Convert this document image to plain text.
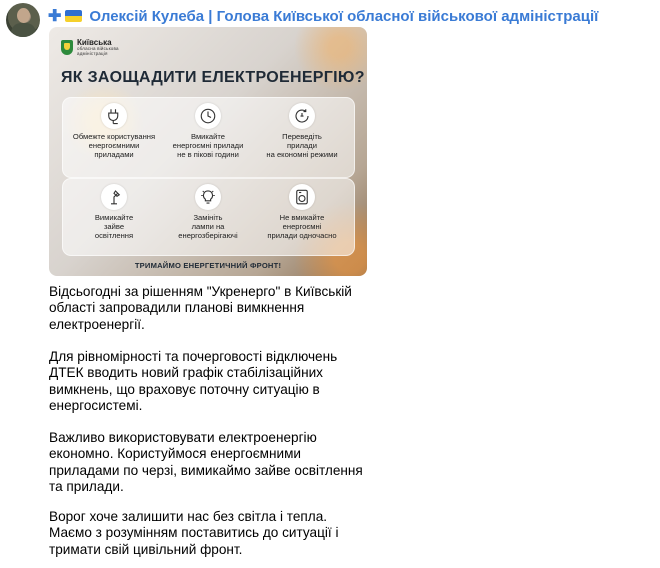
✚ Олексій Кулеба | Голова Київської обласної військової адміністрації
Київська
обласна військова
адміністрація
ЯК ЗАОЩАДИТИ ЕЛЕКТРОЕНЕРГІЮ?
Обмежте користування
енергоємними
приладами
Вмикайте
енергоємні прилади
не в пікові години
Переведіть
прилади
на економні режими
Вимикайте
зайве
освітлення
Замініть
лампи на
енергозберігаючі
Не вмикайте
енергоємні
прилади одночасно
ТРИМАЙМО ЕНЕРГЕТИЧНИЙ ФРОНТ!
Відсьогодні за рішенням "Укренерго" в Київській області запровадили планові вимкнення електроенергії.
Для рівномірності та почерговості відключень ДТЕК вводить новий графік стабілізаційних вимкнень, що враховує поточну ситуацію в енергосистемі.
Важливо використовувати електроенергію економно. Користуймося енергоємними приладами по черзі, вимикаймо зайве освітлення та прилади.
Ворог хоче залишити нас без світла і тепла. Маємо з розумінням поставитись до ситуації і тримати свій цивільний фронт.
